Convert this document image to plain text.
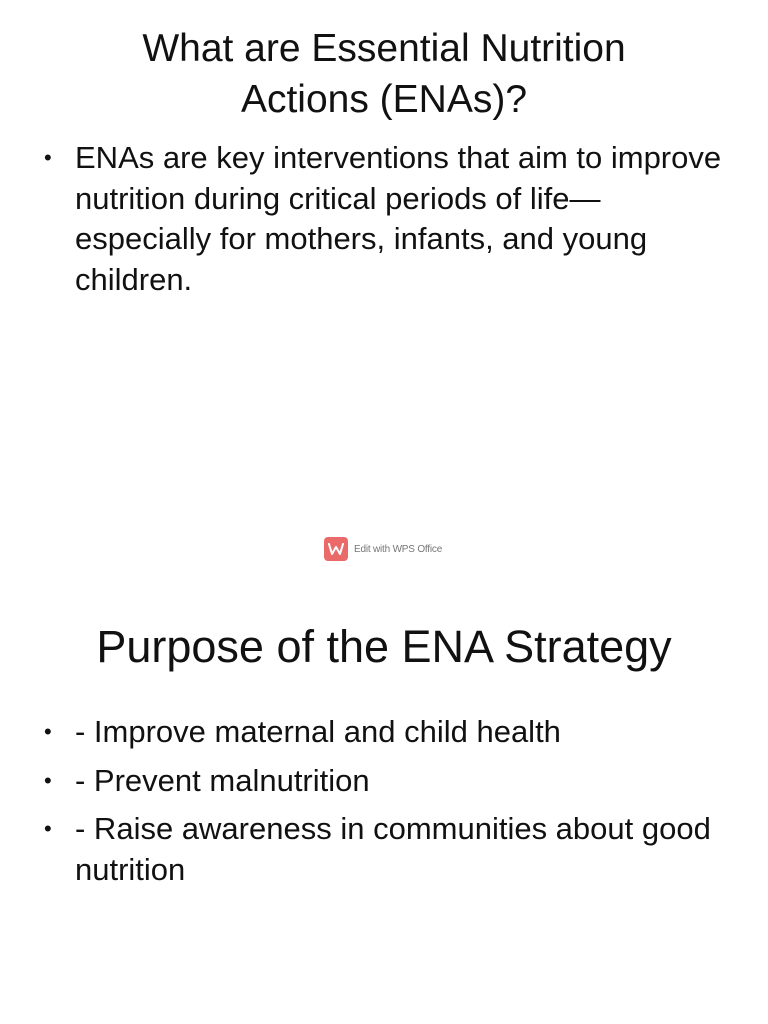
What are Essential Nutrition
Actions (ENAs)?
• ENAs are key interventions that aim to improve nutrition during critical periods of life—especially for mothers, infants, and young children.
Edit with WPS Office
Purpose of the ENA Strategy
• - Improve maternal and child health
• - Prevent malnutrition
• - Raise awareness in communities about good nutrition
